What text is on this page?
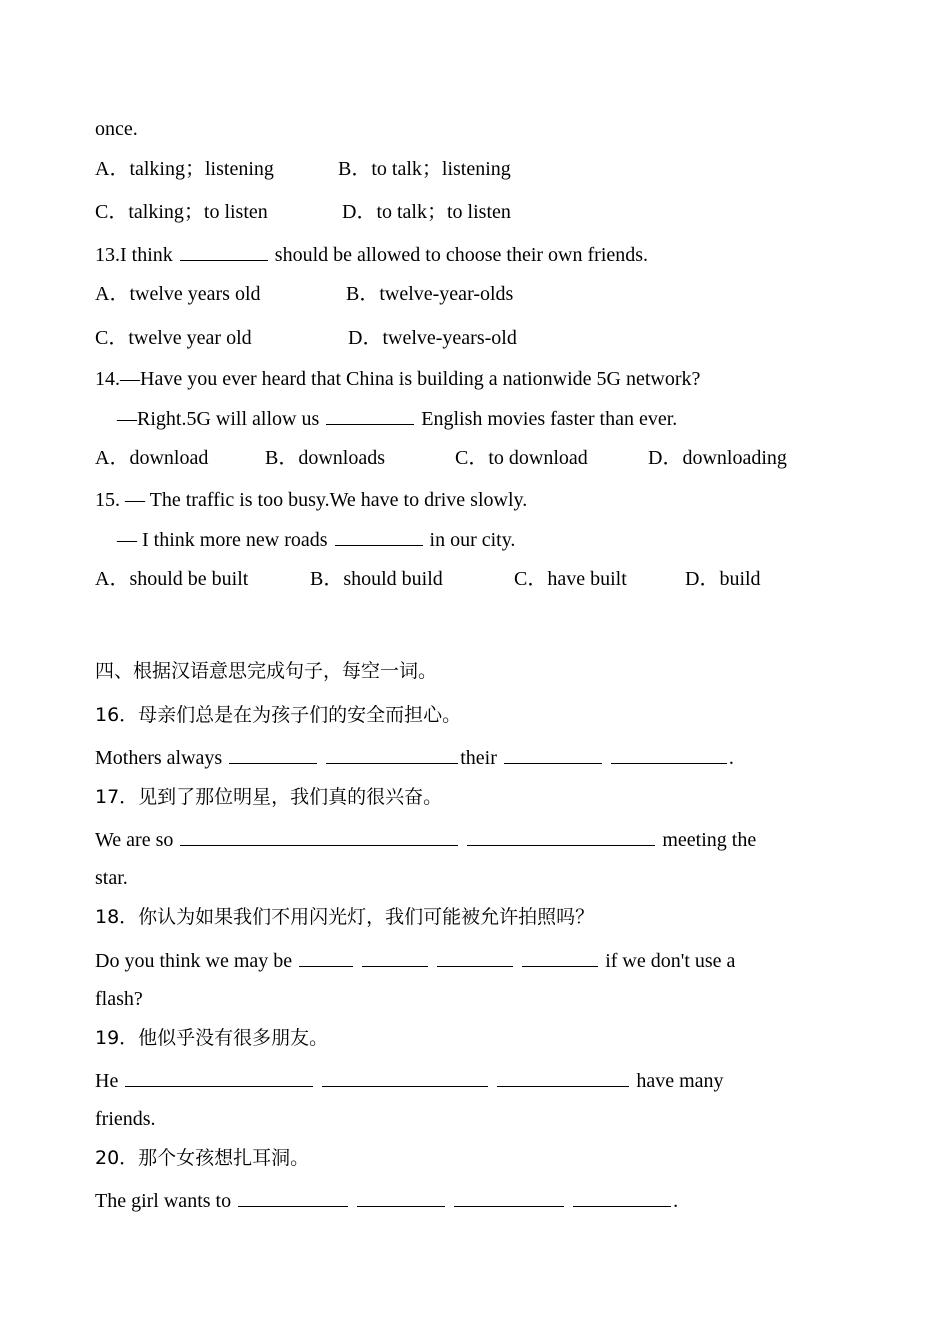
once.
A．talking；listening	B．to talk；listening
C．talking；to listen	D．to talk；to listen
13.I think	should be allowed to choose their own friends.
A．twelve years old	B．twelve-year-olds
C．twelve year old	D．twelve-years-old
14.—Have you ever heard that China is building a nationwide 5G network?
—Right.5G will allow us	English movies faster than ever.
A．download	B．downloads	C．to download	D．downloading
15. — The traffic is too busy.We have to drive slowly.
— I think more new roads	in our city.
A．should be built	B．should build	C．have built	D．build
四、根据汉语意思完成句子，每空一词。
16．母亲们总是在为孩子们的安全而担心。
Mothers always	their	.
17．见到了那位明星，我们真的很兴奋。
We are so	meeting the
star.
18．你认为如果我们不用闪光灯，我们可能被允许拍照吗？
Do you think we may be	if we don't use a
flash?
19．他似乎没有很多朋友。
He	have many
friends.
20．那个女孩想扎耳洞。
The girl wants to	.
